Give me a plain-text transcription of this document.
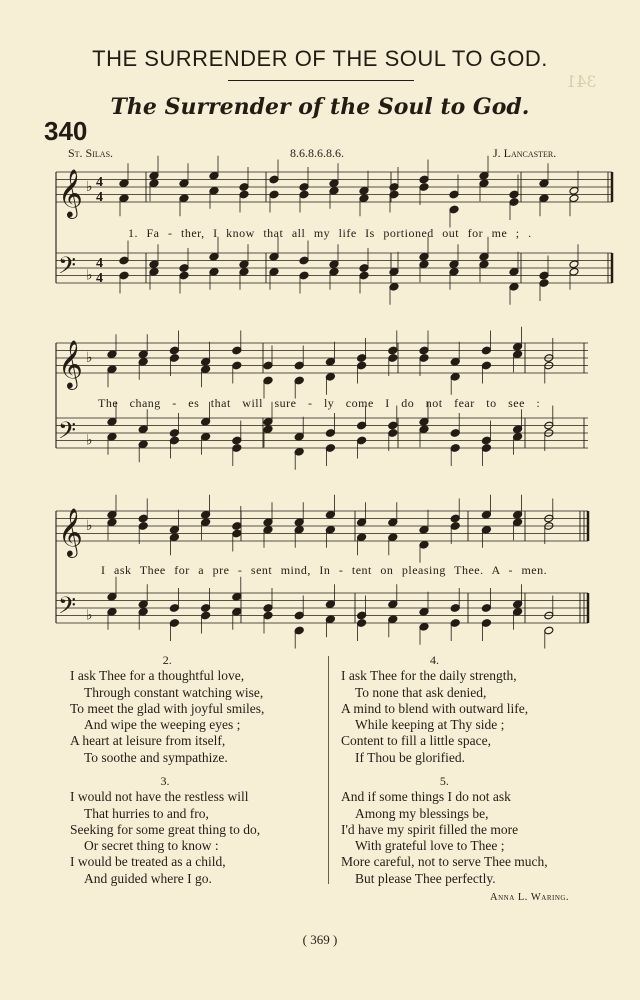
341
THE SURRENDER OF THE SOUL TO GOD.
The Surrender of the Soul to God.
340
St. Silas.	8.6.8.6.8.6.	J. Lancaster.
𝄞 ♭ 4
4
𝄢 ♭
4
4
𝄞 ♭
𝄢 ♭
𝄞 ♭
𝄢 ♭
1. Fa - ther, I know that all my life Is portioned out for me ; .
The chang - es that will sure - ly come I do not fear to see :
I ask Thee for a pre - sent mind, In - tent on pleasing Thee. A - men.
2.
I ask Thee for a thoughtful love,
Through constant watching wise,
To meet the glad with joyful smiles,
And wipe the weeping eyes ;
A heart at leisure from itself,
To soothe and sympathize.
3.
I would not have the restless will
That hurries to and fro,
Seeking for some great thing to do,
Or secret thing to know :
I would be treated as a child,
And guided where I go.
4.
I ask Thee for the daily strength,
To none that ask denied,
A mind to blend with outward life,
While keeping at Thy side ;
Content to fill a little space,
If Thou be glorified.
5.
And if some things I do not ask
Among my blessings be,
I'd have my spirit filled the more
With grateful love to Thee ;
More careful, not to serve Thee much,
But please Thee perfectly.
Anna L. Waring.
( 369 )
